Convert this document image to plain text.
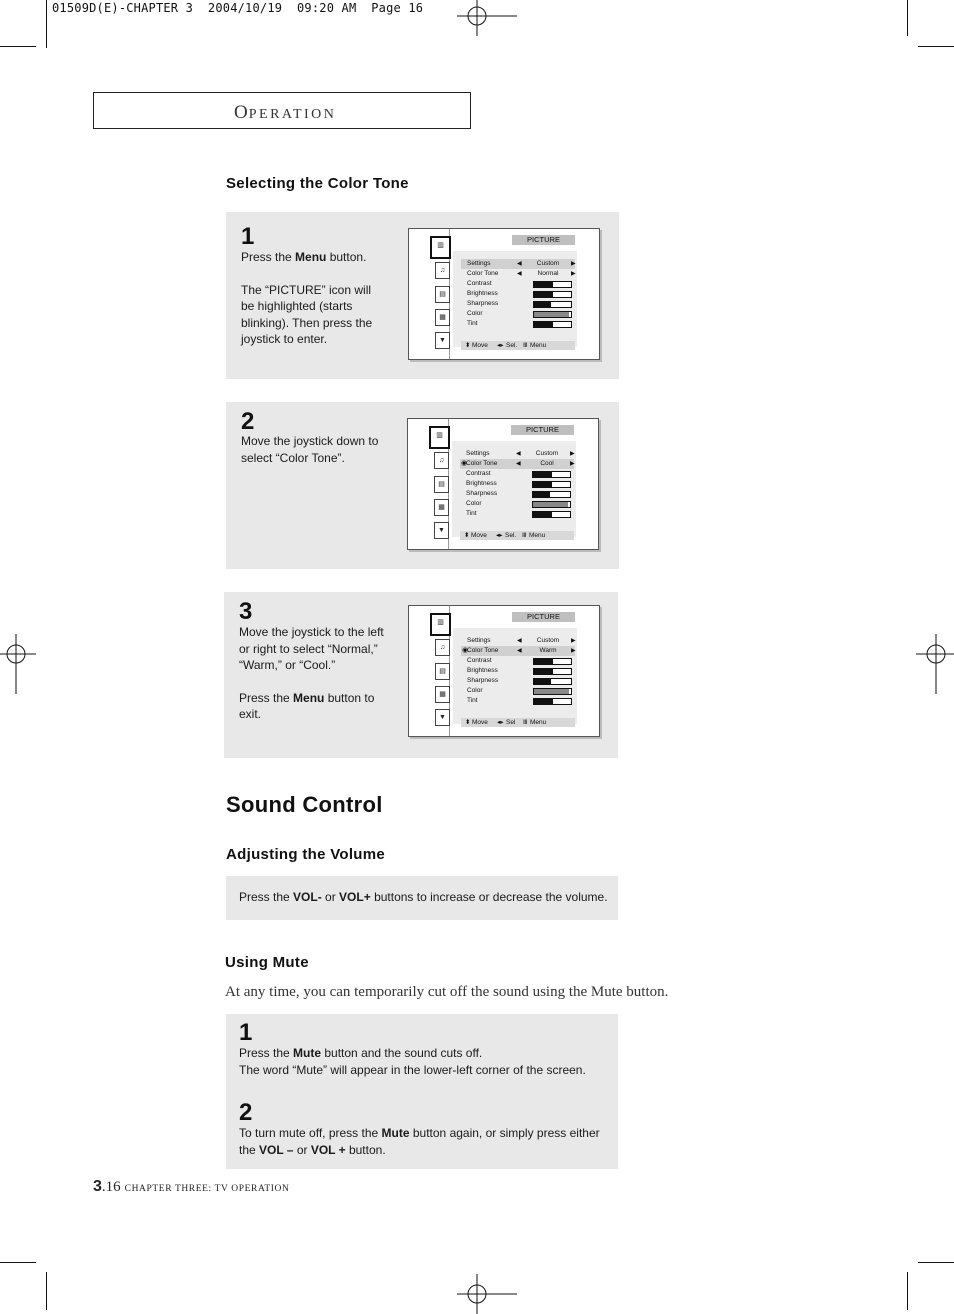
01509D(E)-CHAPTER 3  2004/10/19  09:20 AM  Page 16
OPERATION
Selecting the Color Tone
1
Press the Menu button.
The “PICTURE” icon will
be highlighted (starts
blinking). Then press the
joystick to enter.
2
Move the joystick down to
select “Color Tone”.
3
Move the joystick to the left
or right to select “Normal,”
“Warm,” or “Cool.”
Press the Menu button to
exit.
▥
♫
▤
▦
▼
PICTURE
Settings	◀	Custom	▶
Color Tone	◀	Normal	▶
Contrast
Brightness
Sharpness
Color
Tint
⬍ Move ◂▸ Sel. Ⅲ Menu
▥
♫
▤
▦
▼
PICTURE
Settings	◀	Custom	▶
◉
Color Tone	◀	Cool	▶
Contrast
Brightness
Sharpness
Color
Tint
⬍ Move ◂▸ Sel. Ⅲ Menu
▥
♫
▤
▦
▼
PICTURE
Settings	◀	Custom	▶
◉
Color Tone	◀	Warm	▶
Contrast
Brightness
Sharpness
Color
Tint
⬍ Move ◂▸ Sel Ⅲ Menu
Sound Control
Adjusting the Volume
Press the VOL- or VOL+ buttons to increase or decrease the volume.
Using Mute
At any time, you can temporarily cut off the sound using the Mute button.
1
Press the Mute button and the sound cuts off.
The word “Mute” will appear in the lower-left corner of the screen.
2
To turn mute off, press the Mute button again, or simply press either
the VOL – or VOL + button.
3.16 CHAPTER THREE: TV OPERATION
